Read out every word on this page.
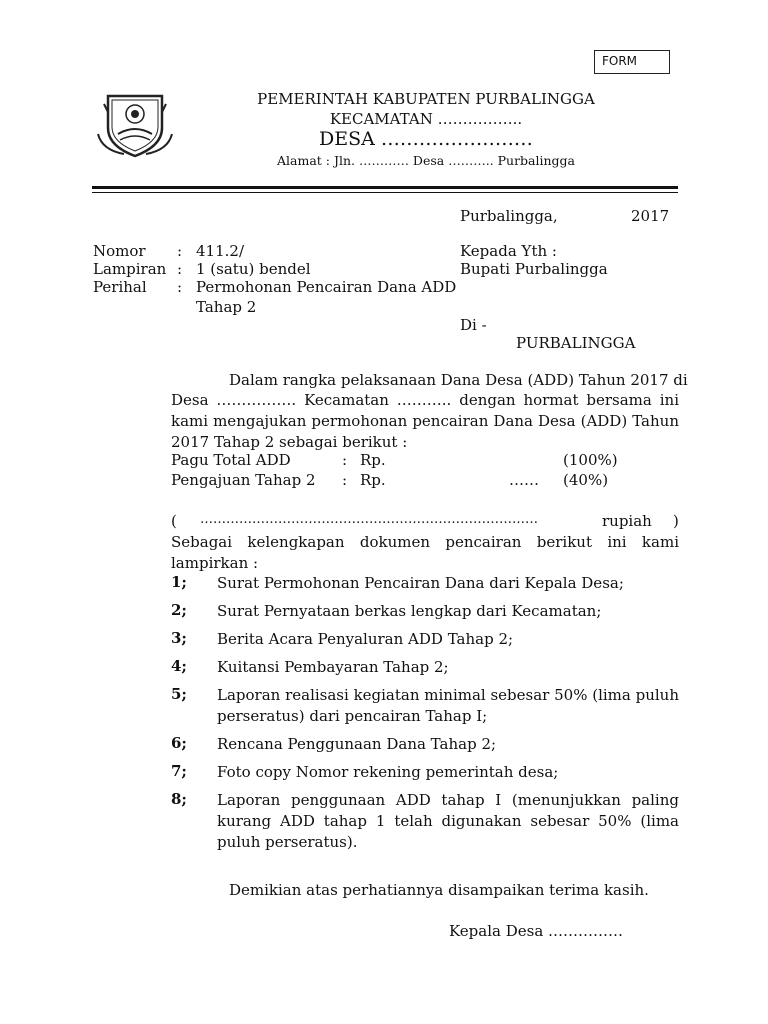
FORM
PEMERINTAH KABUPATEN PURBALINGGA
KECAMATAN ……………..
DESA ……………………
Alamat : Jln. ………… Desa ……….. Purbalingga
Purbalingga,	2017
Nomor : 411.2/
Lampiran : 1 (satu) bendel
Perihal : Permohonan Pencairan Dana ADD
Tahap 2
Kepada Yth :
Bupati Purbalingga
Di -
PURBALINGGA
Dalam rangka pelaksanaan Dana Desa (ADD) Tahun 2017 di
Desa ……………. Kecamatan ……….. dengan hormat bersama ini kami mengajukan permohonan pencairan Dana Desa (ADD) Tahun 2017 Tahap 2 sebagai berikut :
Pagu Total ADD	: Rp.	(100%)
Pengajuan Tahap 2 : Rp.	…… (40%)
( ……………………………………………………………………	rupiah )
Sebagai kelengkapan dokumen pencairan berikut ini kami lampirkan :
1; Surat Permohonan Pencairan Dana dari Kepala Desa;
2; Surat Pernyataan berkas lengkap dari Kecamatan;
3; Berita Acara Penyaluran ADD Tahap 2;
4; Kuitansi Pembayaran Tahap 2;
5; Laporan realisasi kegiatan minimal sebesar 50% (lima puluh perseratus) dari pencairan Tahap I;
6; Rencana Penggunaan Dana Tahap 2;
7; Foto copy Nomor rekening pemerintah desa;
8; Laporan penggunaan ADD tahap I (menunjukkan paling kurang ADD tahap 1 telah digunakan sebesar 50% (lima puluh perseratus).
Demikian atas perhatiannya disampaikan terima kasih.
Kepala Desa ……………
